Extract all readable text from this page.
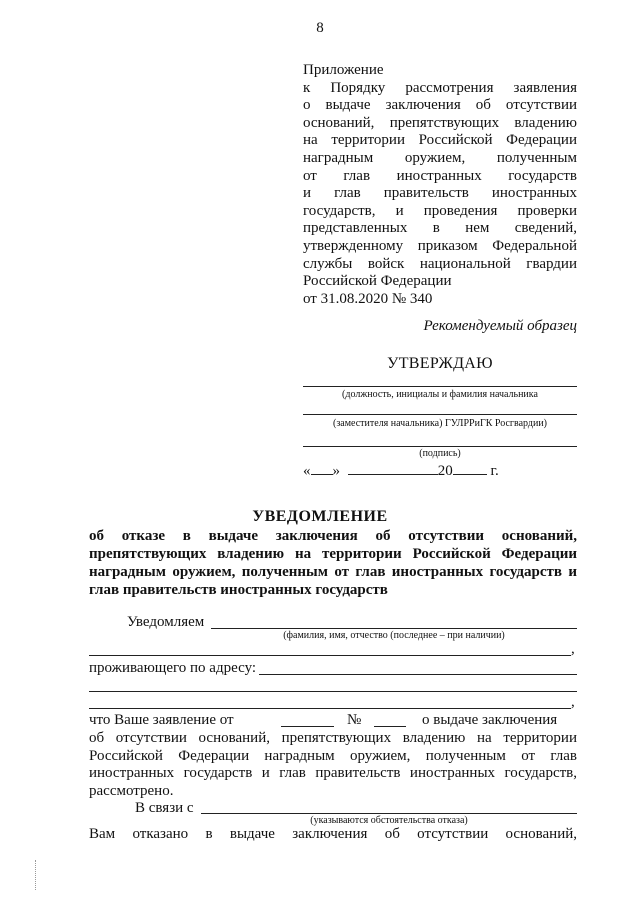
8
Приложение
к Порядку рассмотрения заявления
о выдаче заключения об отсутствии
оснований, препятствующих владению
на территории Российской Федерации
наградным оружием, полученным
от глав иностранных государств
и глав правительств иностранных
государств, и проведения проверки
представленных в нем сведений,
утвержденному приказом Федеральной
службы войск национальной гвардии
Российской Федерации
от 31.08.2020 № 340
Рекомендуемый образец
УТВЕРЖДАЮ
(должность, инициалы и фамилия начальника
(заместителя начальника) ГУЛРРиГК Росгвардии)
(подпись)
« »	20	г.
УВЕДОМЛЕНИЕ
об отказе в выдаче заключения об отсутствии оснований,
препятствующих владению на территории Российской Федерации
наградным оружием, полученным от глав иностранных государств и
глав правительств иностранных государств
Уведомляем
(фамилия, имя, отчество (последнее – при наличии)
,
проживающего по адресу:
,
что Ваше заявление от	№	о выдаче заключения
об отсутствии оснований, препятствующих владению на территории
Российской Федерации наградным оружием, полученным от глав
иностранных государств и глав правительств иностранных государств,
рассмотрено.
В связи с
(указываются обстоятельства отказа)
Вам отказано в выдаче заключения об отсутствии оснований,
